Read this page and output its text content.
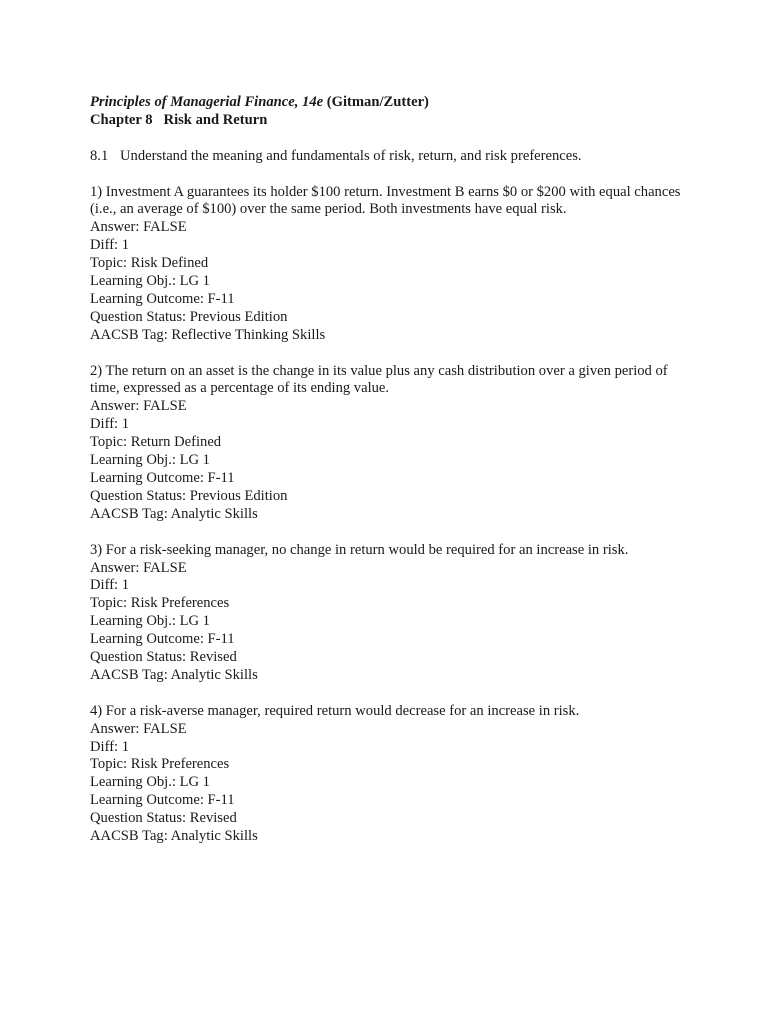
Principles of Managerial Finance, 14e (Gitman/Zutter)
Chapter 8 Risk and Return
8.1 Understand the meaning and fundamentals of risk, return, and risk preferences.

1) Investment A guarantees its holder $100 return. Investment B earns $0 or $200 with equal chances (i.e., an average of $100) over the same period. Both investments have equal risk.

Answer: FALSE
Diff: 1
Topic: Risk Defined
Learning Obj.: LG 1
Learning Outcome: F-11
Question Status: Previous Edition
AACSB Tag: Reflective Thinking Skills

2) The return on an asset is the change in its value plus any cash distribution over a given period of time, expressed as a percentage of its ending value.

Answer: FALSE
Diff: 1
Topic: Return Defined
Learning Obj.: LG 1
Learning Outcome: F-11
Question Status: Previous Edition
AACSB Tag: Analytic Skills

3) For a risk-seeking manager, no change in return would be required for an increase in risk.

Answer: FALSE
Diff: 1
Topic: Risk Preferences
Learning Obj.: LG 1
Learning Outcome: F-11
Question Status: Revised
AACSB Tag: Analytic Skills

4) For a risk-averse manager, required return would decrease for an increase in risk.

Answer: FALSE
Diff: 1
Topic: Risk Preferences
Learning Obj.: LG 1
Learning Outcome: F-11
Question Status: Revised
AACSB Tag: Analytic Skills
